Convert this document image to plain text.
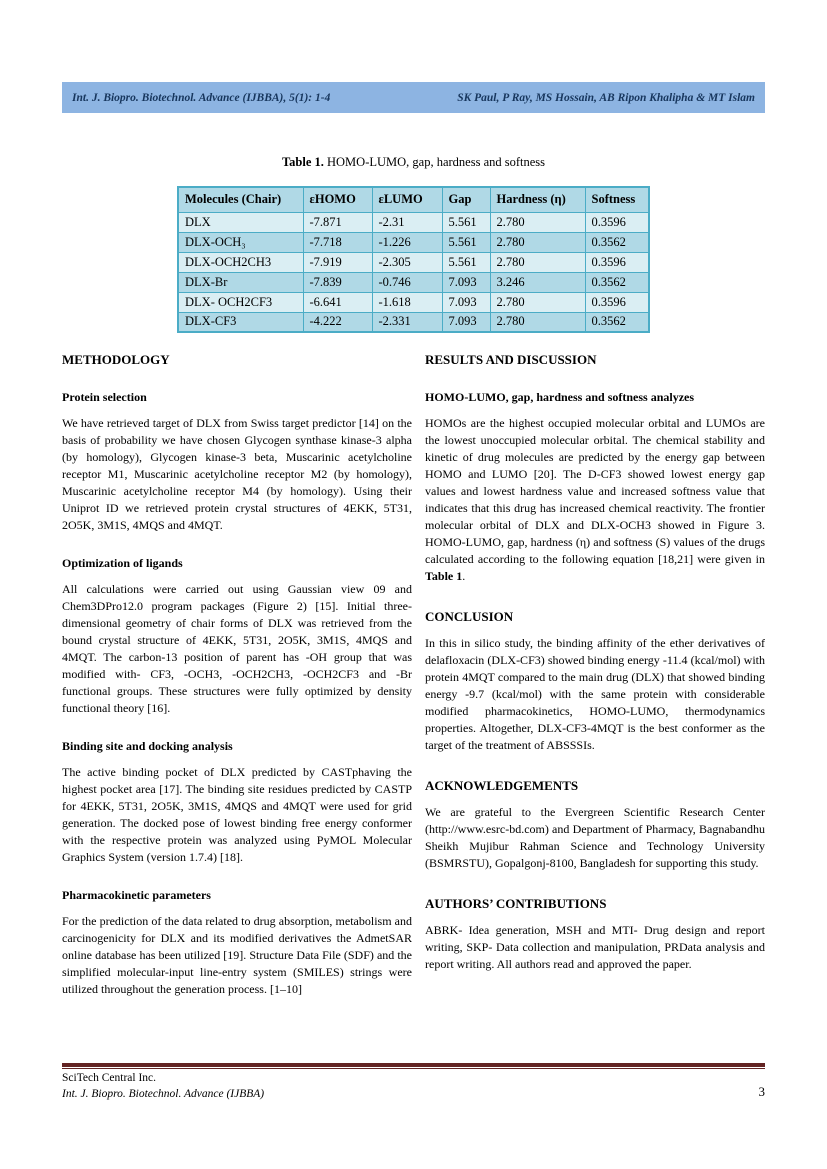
Int. J. Biopro. Biotechnol. Advance (IJBBA), 5(1): 1-4	SK Paul, P Ray, MS Hossain, AB Ripon Khalipha & MT Islam
Table 1. HOMO-LUMO, gap, hardness and softness
Molecules (Chair)	εHOMO	εLUMO	Gap	Hardness (η)	Softness
DLX	-7.871	-2.31	5.561	2.780	0.3596
DLX-OCH₃	-7.718	-1.226	5.561	2.780	0.3562
DLX-OCH2CH3	-7.919	-2.305	5.561	2.780	0.3596
DLX-Br	-7.839	-0.746	7.093	3.246	0.3562
DLX- OCH2CF3	-6.641	-1.618	7.093	2.780	0.3596
DLX-CF3	-4.222	-2.331	7.093	2.780	0.3562
METHODOLOGY
Protein selection

We have retrieved target of DLX from Swiss target predictor [14] on the basis of probability we have chosen Glycogen synthase kinase-3 alpha (by homology), Glycogen kinase-3 beta, Muscarinic acetylcholine receptor M1, Muscarinic acetylcholine receptor M2 (by homology), Muscarinic acetylcholine receptor M4 (by homology). Using their Uniprot ID we retrieved protein crystal structures of 4EKK, 5T31, 2O5K, 3M1S, 4MQS and 4MQT.

Optimization of ligands

All calculations were carried out using Gaussian view 09 and Chem3DPro12.0 program packages (Figure 2) [15]. Initial three-dimensional geometry of chair forms of DLX was retrieved from the bound crystal structure of 4EKK, 5T31, 2O5K, 3M1S, 4MQS and 4MQT. The carbon-13 position of parent has -OH group that was modified with- CF3, -OCH3, -OCH2CH3, -OCH2CF3 and -Br functional groups. These structures were fully optimized by density functional theory [16].

Binding site and docking analysis

The active binding pocket of DLX predicted by CASTphaving the highest pocket area [17]. The binding site residues predicted by CASTP for 4EKK, 5T31, 2O5K, 3M1S, 4MQS and 4MQT were used for grid generation. The docked pose of lowest binding free energy conformer with the respective protein was analyzed using PyMOL Molecular Graphics System (version 1.7.4) [18].

Pharmacokinetic parameters

For the prediction of the data related to drug absorption, metabolism and carcinogenicity for DLX and its modified derivatives the AdmetSAR online database has been utilized [19]. Structure Data File (SDF) and the simplified molecular-input line-entry system (SMILES) strings were utilized throughout the generation process. [1–10]

RESULTS AND DISCUSSION
HOMO-LUMO, gap, hardness and softness analyzes

HOMOs are the highest occupied molecular orbital and LUMOs are the lowest unoccupied molecular orbital. The chemical stability and kinetic of drug molecules are predicted by the energy gap between HOMO and LUMO [20]. The D-CF3 showed lowest energy gap values and lowest hardness value and increased softness value that indicates that this drug has increased chemical reactivity. The frontier molecular orbital of DLX and DLX-OCH3 showed in Figure 3. HOMO-LUMO, gap, hardness (η) and softness (S) values of the drugs calculated according to the following equation [18,21] were given in Table 1.

CONCLUSION

In this in silico study, the binding affinity of the ether derivatives of delafloxacin (DLX-CF3) showed binding energy -11.4 (kcal/mol) with protein 4MQT compared to the main drug (DLX) that showed binding energy -9.7 (kcal/mol) with the same protein with considerable modified pharmacokinetics, HOMO-LUMO, thermodynamics properties. Altogether, DLX-CF3-4MQT is the best conformer as the target of the treatment of ABSSSIs.

ACKNOWLEDGEMENTS

We are grateful to the Evergreen Scientific Research Center (http://www.esrc-bd.com) and Department of Pharmacy, Bagnabandhu Sheikh Mujibur Rahman Science and Technology University (BSMRSTU), Gopalgonj-8100, Bangladesh for supporting this study.

AUTHORS’ CONTRIBUTIONS

ABRK- Idea generation, MSH and MTI- Drug design and report writing, SKP- Data collection and manipulation, PRData analysis and report writing. All authors read and approved the paper.

SciTech Central Inc.
Int. J. Biopro. Biotechnol. Advance (IJBBA)	3
